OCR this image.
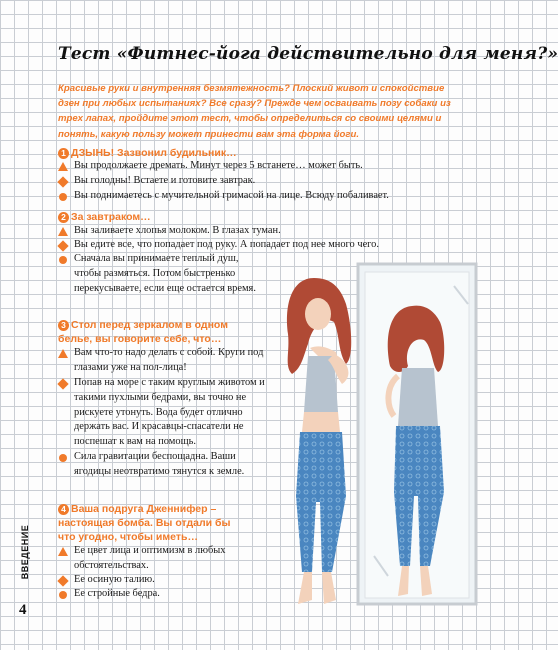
Тест «Фитнес-йога действительно для меня?»

Красивые руки и внутренняя безмятежность? Плоский живот и спокойствие дзен при любых испытаниях? Все сразу? Прежде чем осваивать позу собаки из трех лапах, пройдите этот тест, чтобы определиться со своими целями и понять, какую пользу может принести вам эта форма йоги.

1 ДЗЫНЬ! Зазвонил будильник…
Вы продолжаете дремать. Минут через 5 встанете… может быть.
Вы голодны! Встаете и готовите завтрак.
Вы поднимаетесь с мучительной гримасой на лице. Всюду побаливает.
2 За завтраком…
Вы заливаете хлопья молоком. В глазах туман.
Вы едите все, что попадает под руку. А попадает под нее много чего.
Сначала вы принимаете теплый душ, чтобы размяться. Потом быстренько перекусываете, если еще остается время.
3 Стол перед зеркалом в одном белье, вы говорите себе, что…
Вам что-то надо делать с собой. Круги под глазами уже на пол-лица!
Попав на море с таким круглым животом и такими пухлыми бедрами, вы точно не рискуете утонуть. Вода будет отлично держать вас. И красавцы-спасатели не поспешат к вам на помощь.
Сила гравитации беспощадна. Ваши ягодицы неотвратимо тянутся к земле.
4 Ваша подруга Дженнифер – настоящая бомба. Вы отдали бы что угодно, чтобы иметь…
Ее цвет лица и оптимизм в любых обстоятельствах.
Ее осиную талию.
Ее стройные бедра.
ВВЕДЕНИЕ
4
